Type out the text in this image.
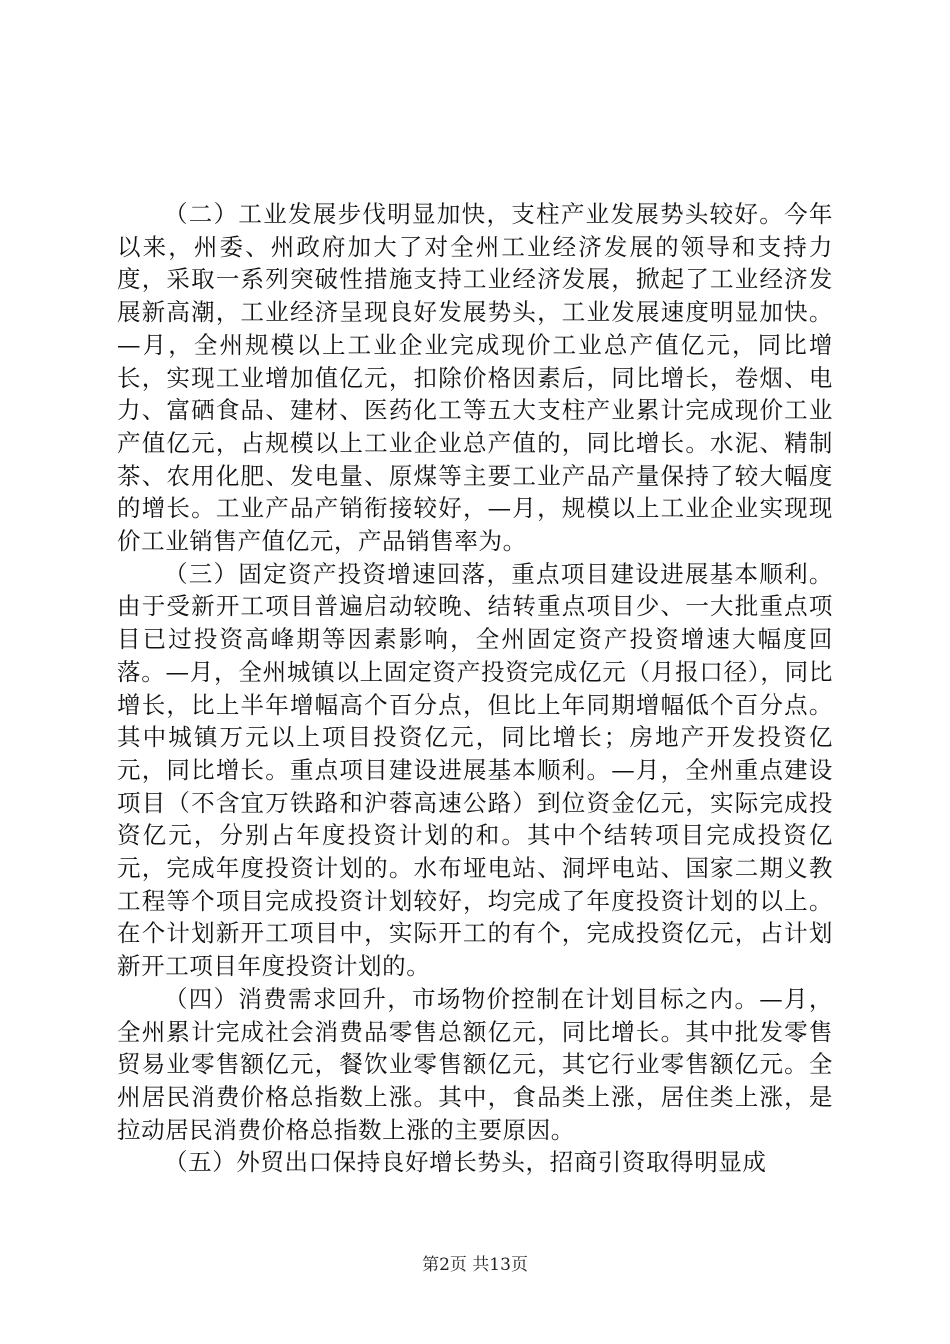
（二）工业发展步伐明显加快，支柱产业发展势头较好。今年以来，州委、州政府加大了对全州工业经济发展的领导和支持力度，采取一系列突破性措施支持工业经济发展，掀起了工业经济发展新高潮，工业经济呈现良好发展势头，工业发展速度明显加快。—月，全州规模以上工业企业完成现价工业总产值亿元，同比增长，实现工业增加值亿元，扣除价格因素后，同比增长，卷烟、电力、富硒食品、建材、医药化工等五大支柱产业累计完成现价工业产值亿元，占规模以上工业企业总产值的，同比增长。水泥、精制茶、农用化肥、发电量、原煤等主要工业产品产量保持了较大幅度的增长。工业产品产销衔接较好，—月，规模以上工业企业实现现价工业销售产值亿元，产品销售率为。

（三）固定资产投资增速回落，重点项目建设进展基本顺利。由于受新开工项目普遍启动较晚、结转重点项目少、一大批重点项目已过投资高峰期等因素影响，全州固定资产投资增速大幅度回落。—月，全州城镇以上固定资产投资完成亿元（月报口径），同比增长，比上半年增幅高个百分点，但比上年同期增幅低个百分点。其中城镇万元以上项目投资亿元，同比增长；房地产开发投资亿元，同比增长。重点项目建设进展基本顺利。—月，全州重点建设项目（不含宜万铁路和沪蓉高速公路）到位资金亿元，实际完成投资亿元，分别占年度投资计划的和。其中个结转项目完成投资亿元，完成年度投资计划的。水布垭电站、洞坪电站、国家二期义教工程等个项目完成投资计划较好，均完成了年度投资计划的以上。在个计划新开工项目中，实际开工的有个，完成投资亿元，占计划新开工项目年度投资计划的。

（四）消费需求回升，市场物价控制在计划目标之内。—月，全州累计完成社会消费品零售总额亿元，同比增长。其中批发零售贸易业零售额亿元，餐饮业零售额亿元，其它行业零售额亿元。全州居民消费价格总指数上涨。其中，食品类上涨，居住类上涨，是拉动居民消费价格总指数上涨的主要原因。

（五）外贸出口保持良好增长势头，招商引资取得明显成

第2页 共13页
